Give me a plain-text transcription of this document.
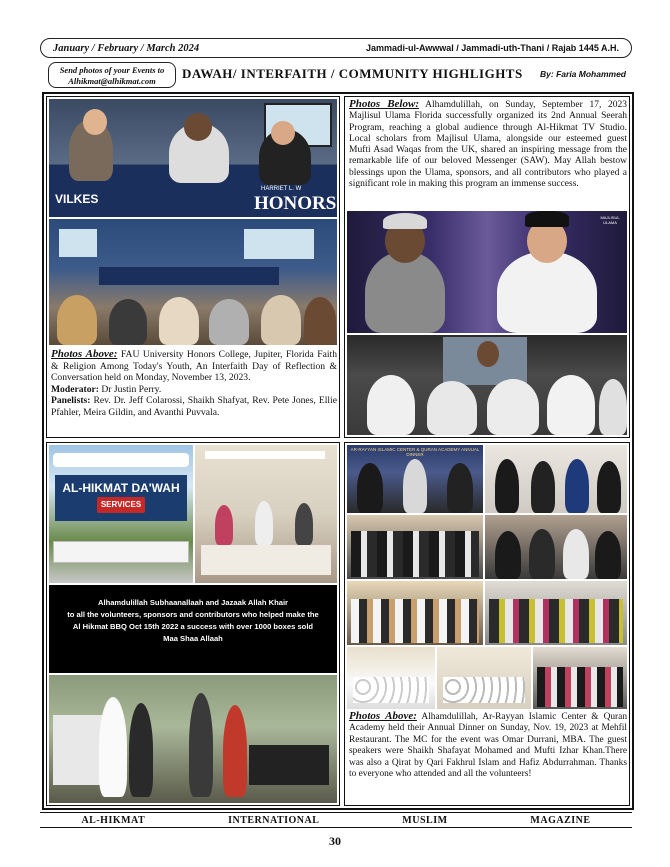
January / February / March 2024	Jammadi-ul-Awwwal / Jammadi-uth-Thani / Rajab 1445 A.H.
Send photos of your Events to
Alhikmat@alhikmat.com	DAWAH/ INTERFAITH / COMMUNITY HIGHLIGHTS By: Faria Mohammed
VILKES
HARRIET L. W
HONORS
Photos Above: FAU University Honors College, Jupiter, Florida Faith & Religion Among Today's Youth, An Interfaith Day of Reflection & Conversation held on Monday, November 13, 2023.
Moderator: Dr Justin Perry.
Panelists: Rev. Dr. Jeff Colarossi, Shaikh Shafyat, Rev. Pete Jones, Ellie Pfahler, Meira Gildin, and Avanthi Puvvala.
Photos Below: Alhamdulillah, on Sunday, September 17, 2023 Majlisul Ulama Florida successfully organized its 2nd Annual Seerah Program, reaching a global audience through Al-Hikmat TV Studio. Local scholars from Majlisul Ulama, alongside our esteemed guest Mufti Asad Waqas from the UK, shared an inspiring message from the remarkable life of our beloved Messenger (SAW). May Allah bestow blessings upon the Ulama, sponsors, and all contributors who played a significant role in making this program an immense success.
MAJLISUL ULAMA
AL-HIKMAT DA'WAH
SERVICES
Alhamdulillah Subhaanallaah and Jazaak Allah Khair
to all the volunteers, sponsors and contributors who helped make the
Al Hikmat BBQ Oct 15th 2022 a success with over 1000 boxes sold
Maa Shaa Allaah
AR-RAYYAN ISLAMIC CENTER & QURAN ACADEMY ANNUAL DINNER
Photos Above: Alhamdulillah, Ar-Rayyan Islamic Center & Quran Academy held their Annual Dinner on Sunday, Nov. 19, 2023 at Mehfil Restaurant. The MC for the event was Omar Durrani, MBA. The guest speakers were Shaikh Shafayat Mohamed and Mufti Izhar Khan.There was also a Qirat by Qari Fakhrul Islam and Hafiz Abdurrahman. Thanks to everyone who attended and all the volunteers!
AL-HIKMAT	INTERNATIONAL	MUSLIM	MAGAZINE
30
